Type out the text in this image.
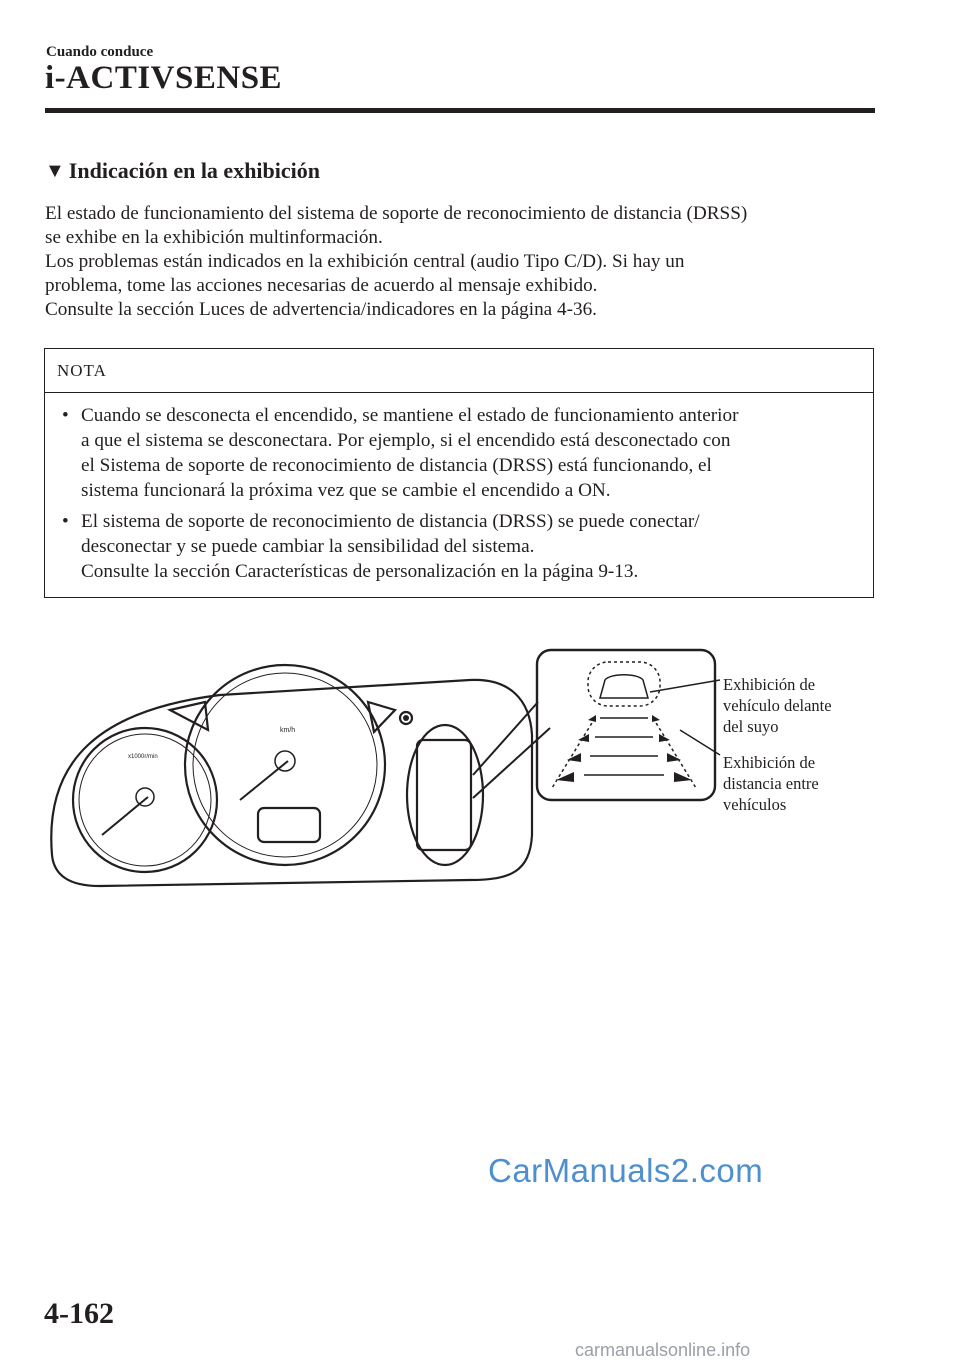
Cuando conduce
i-ACTIVSENSE
▼ Indicación en la exhibición

El estado de funcionamiento del sistema de soporte de reconocimiento de distancia (DRSS)

se exhibe en la exhibición multinformación.

Los problemas están indicados en la exhibición central (audio Tipo C/D). Si hay un

problema, tome las acciones necesarias de acuerdo al mensaje exhibido.

Consulte la sección Luces de advertencia/indicadores en la página 4-36.

NOTA
• Cuando se desconecta el encendido, se mantiene el estado de funcionamiento anterior

a que el sistema se desconectara. Por ejemplo, si el encendido está desconectado con

el Sistema de soporte de reconocimiento de distancia (DRSS) está funcionando, el

sistema funcionará la próxima vez que se cambie el encendido a ON.

• El sistema de soporte de reconocimiento de distancia (DRSS) se puede conectar/

desconectar y se puede cambiar la sensibilidad del sistema.

Consulte la sección Características de personalización en la página 9-13.

x1000r/min
km/h
Exhibición de
vehículo delante
del suyo
Exhibición de
distancia entre
vehículos
CarManuals2.com
4-162
carmanualsonline.info
